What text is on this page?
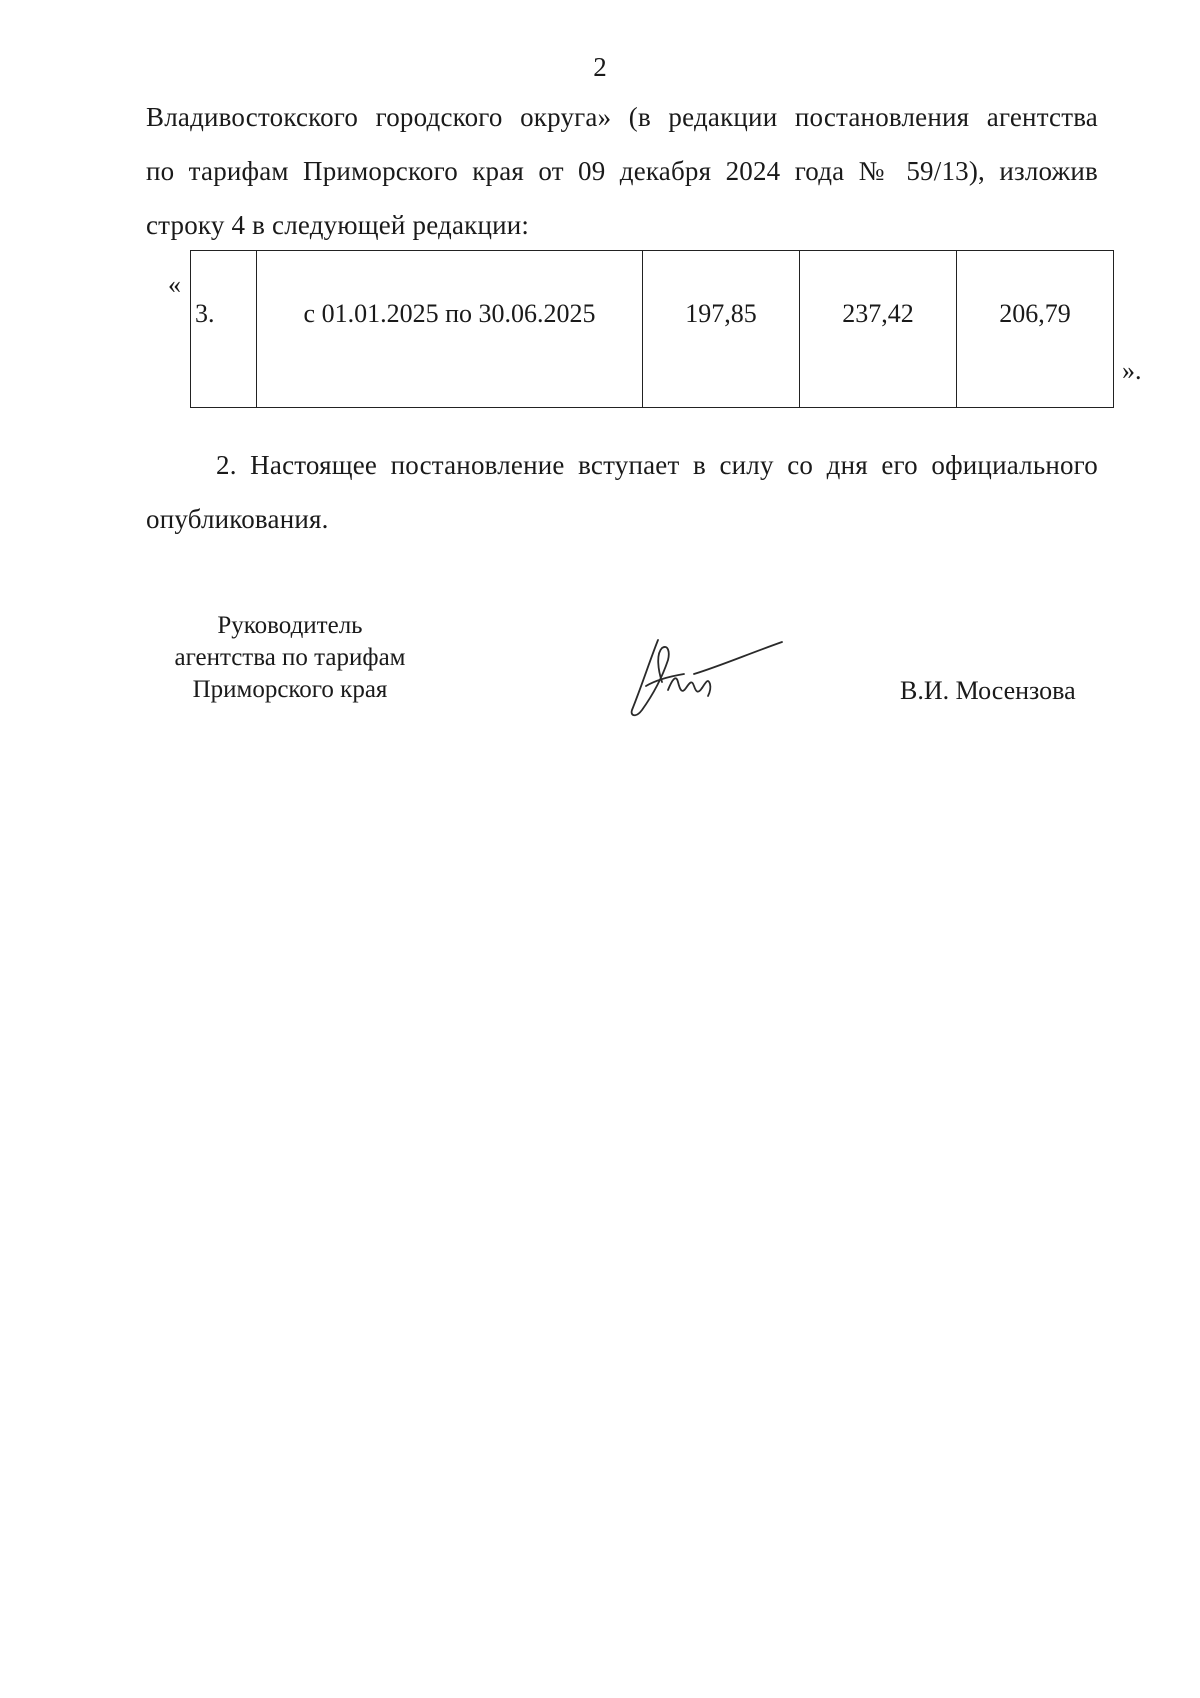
2
Владивостокского городского округа» (в редакции постановления агентства
по тарифам Приморского края от 09 декабря 2024 года № 59/13), изложив
строку 4 в следующей редакции:
«
3.	с 01.01.2025 по 30.06.2025	197,85	237,42	206,79
».
2. Настоящее постановление вступает в силу со дня его официального
опубликования.
Руководитель
агентства по тарифам
Приморского края	В.И. Мосензова
